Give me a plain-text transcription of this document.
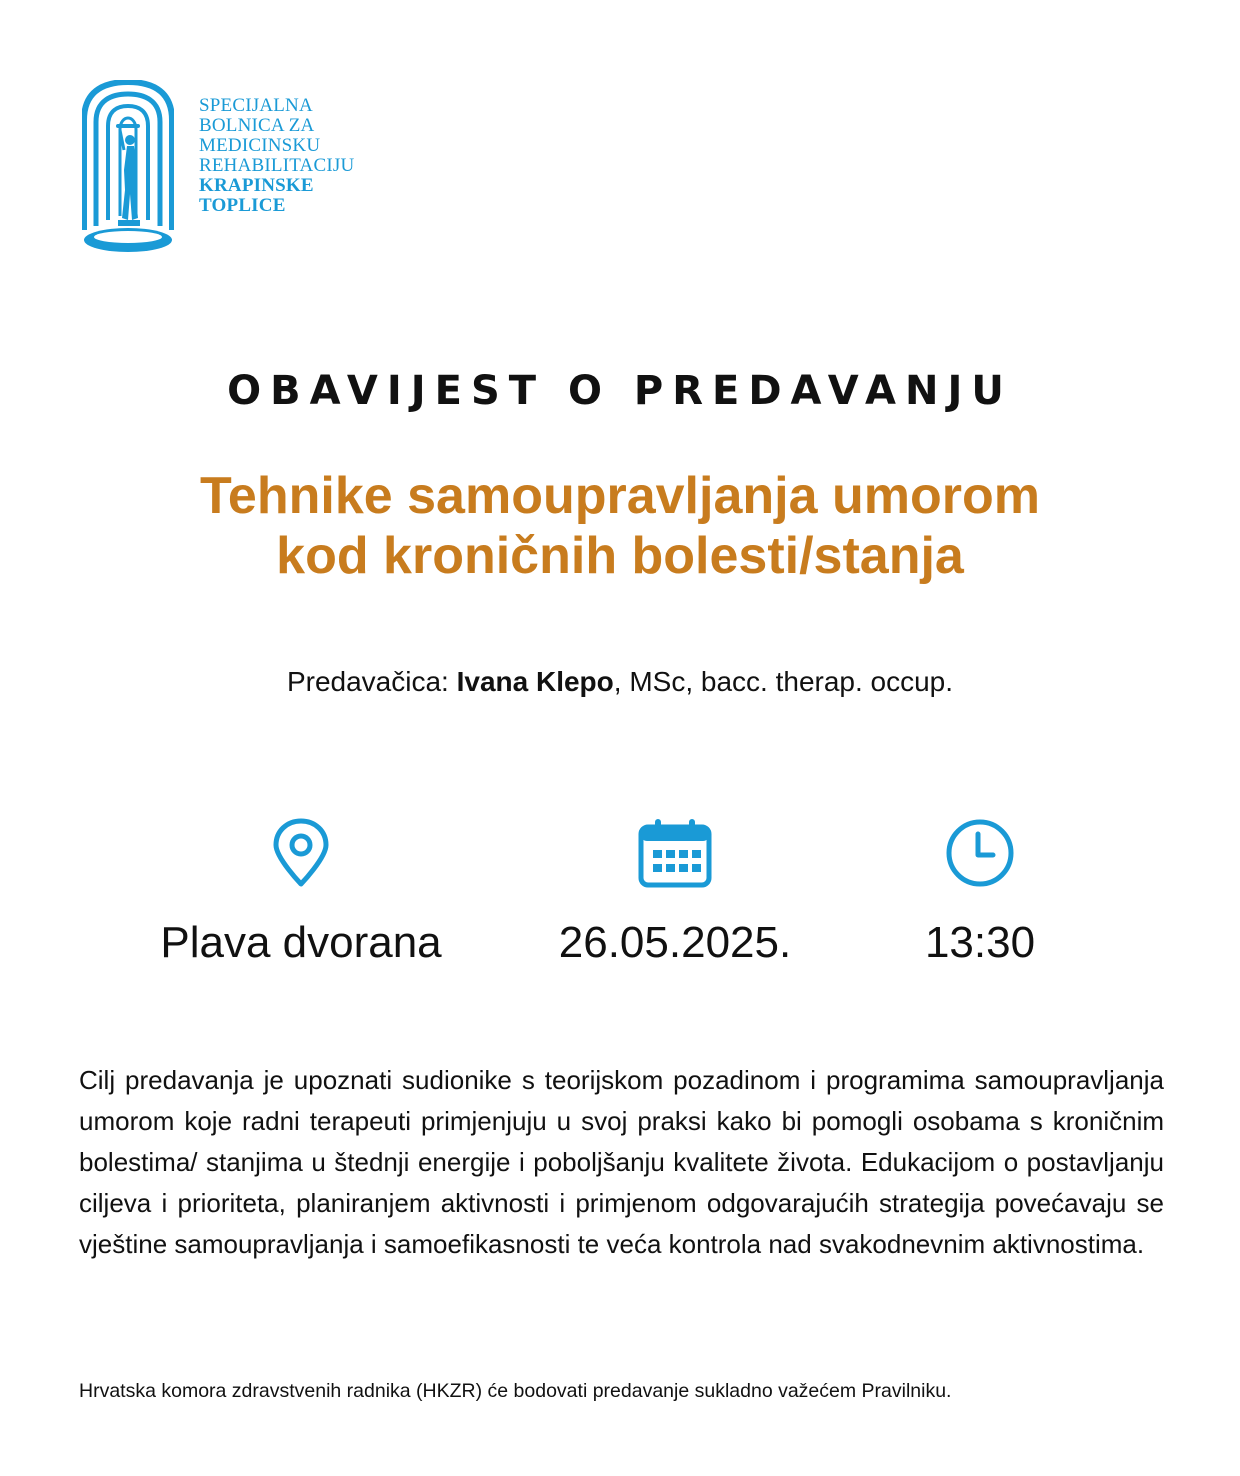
SPECIJALNA
BOLNICA ZA
MEDICINSKU
REHABILITACIJU
KRAPINSKE
TOPLICE
OBAVIJEST O PREDAVANJU
Tehnike samoupravljanja umorom
kod kroničnih bolesti/stanja
Predavačica: Ivana Klepo, MSc, bacc. therap. occup.
Plava dvorana	26.05.2025.	13:30
Cilj predavanja je upoznati sudionike s teorijskom pozadinom i programima samoupravljanja umorom koje radni terapeuti primjenjuju u svoj praksi kako bi pomogli osobama s kroničnim bolestima/ stanjima u štednji energije i poboljšanju kvalitete života. Edukacijom o postavljanju ciljeva i prioriteta, planiranjem aktivnosti i primjenom odgovarajućih strategija povećavaju se vještine samoupravljanja i samoefikasnosti te veća kontrola nad svakodnevnim aktivnostima.
Hrvatska komora zdravstvenih radnika (HKZR) će bodovati predavanje sukladno važećem Pravilniku.
